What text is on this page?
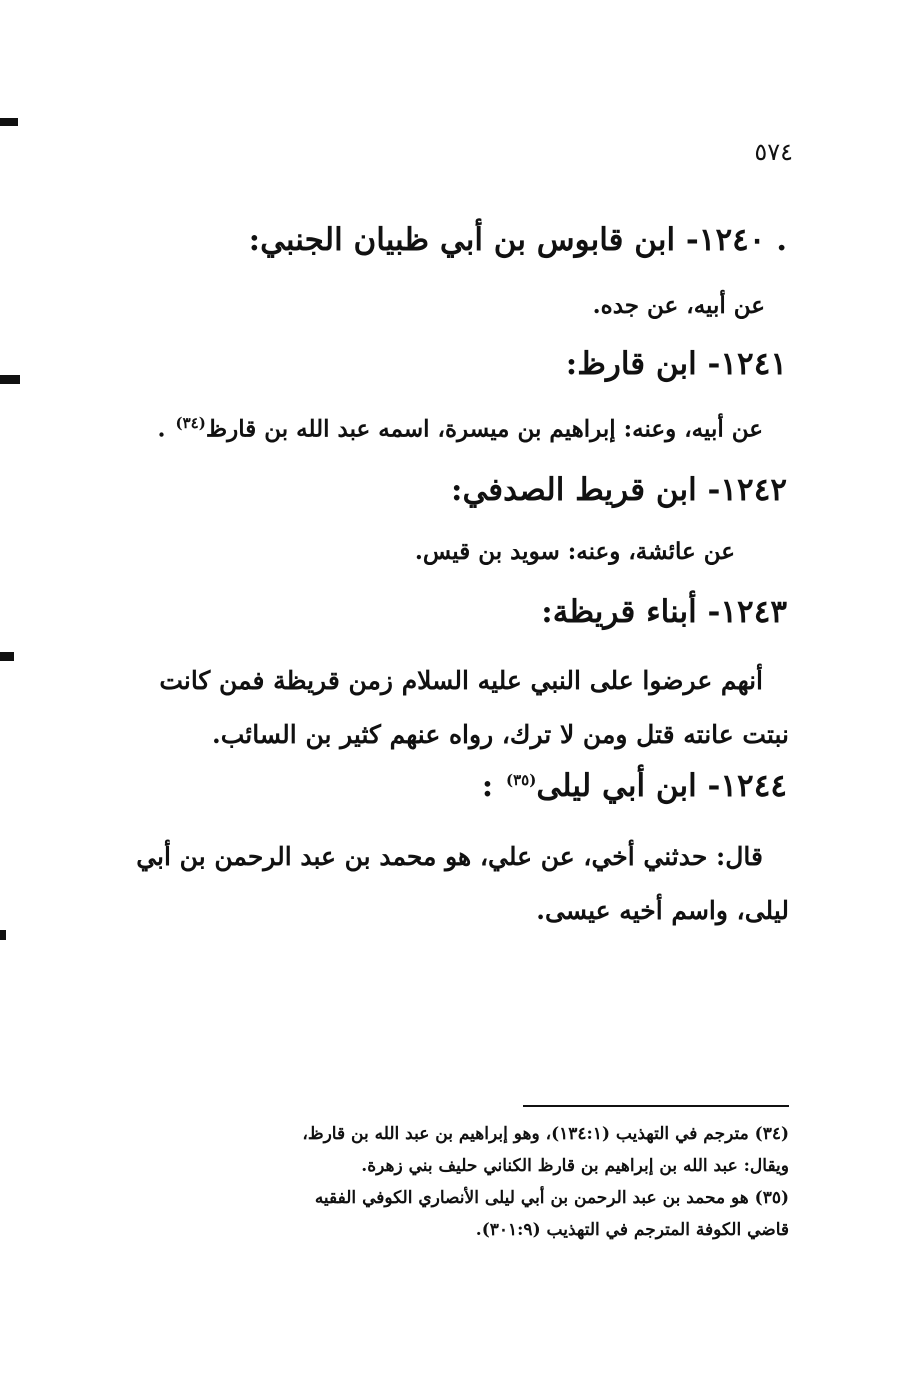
٥٧٤
. ١٢٤٠- ابن قابوس بن أبي ظبيان الجنبي:
عن أبيه، عن جده.
١٢٤١- ابن قارظ:
عن أبيه، وعنه: إبراهيم بن ميسرة، اسمه عبد الله بن قارظ$^{(٣٤)}$ .
١٢٤٢- ابن قريط الصدفي:
عن عائشة، وعنه: سويد بن قيس.
١٢٤٣- أبناء قريظة:
أنهم عرضوا على النبي عليه السلام زمن قريظة فمن كانت
نبتت عانته قتل ومن لا ترك، رواه عنهم كثير بن السائب.
١٢٤٤- ابن أبي ليلى$^{(٣٥)}$ :
قال: حدثني أخي، عن علي، هو محمد بن عبد الرحمن بن أبي
ليلى، واسم أخيه عيسى.
(٣٤) مترجم في التهذيب (١٣٤:١)، وهو إبراهيم بن عبد الله بن قارظ،
ويقال: عبد الله بن إبراهيم بن قارظ الكناني حليف بني زهرة.
(٣٥) هو محمد بن عبد الرحمن بن أبي ليلى الأنصاري الكوفي الفقيه
قاضي الكوفة المترجم في التهذيب (٣٠١:٩).
